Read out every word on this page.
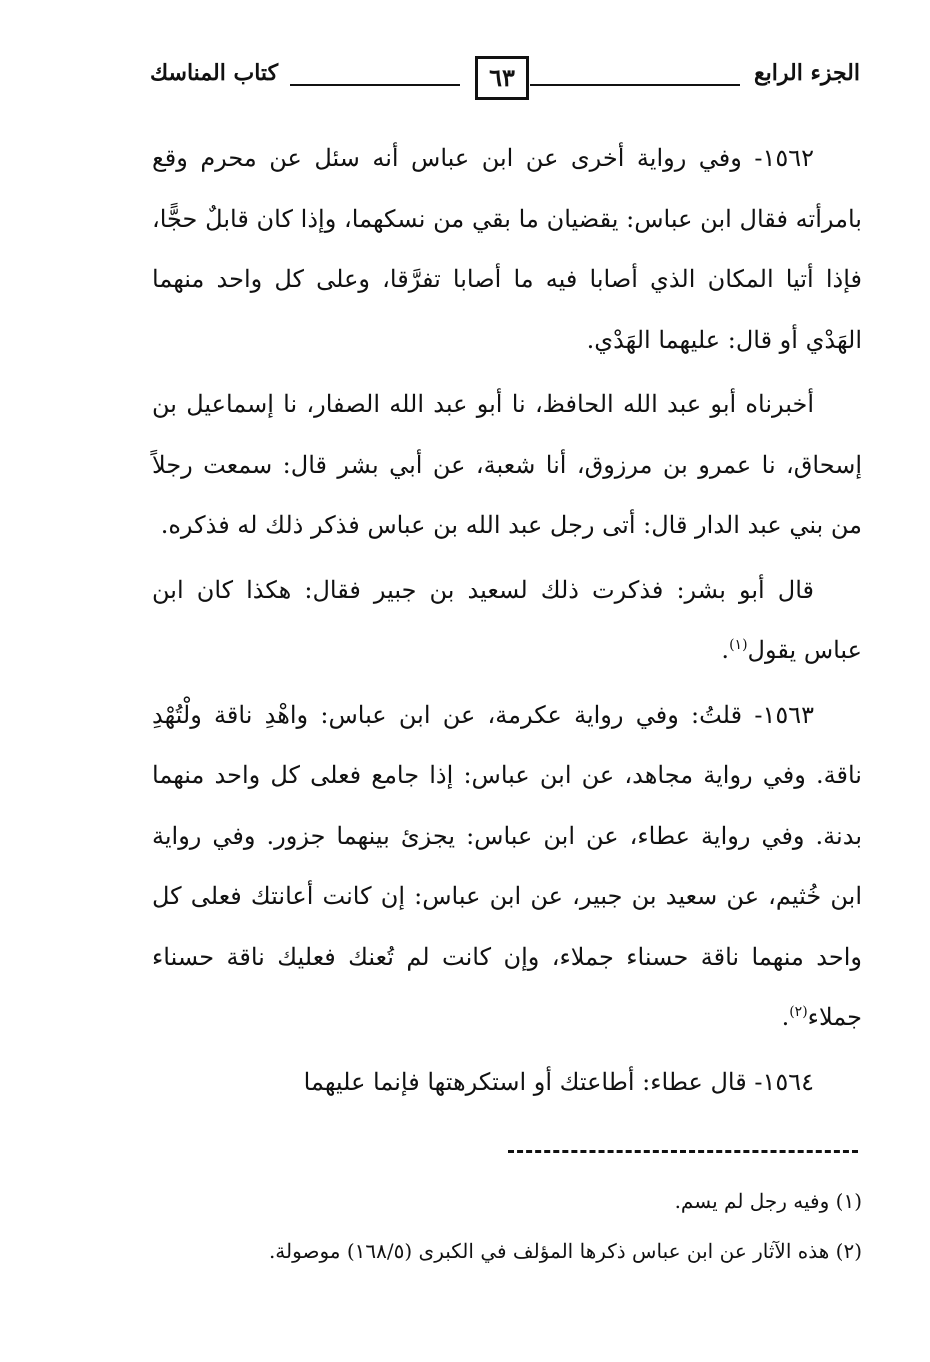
الجزء الرابع
٦٣
كتاب المناسك

١٥٦٢- وفي رواية أخرى عن ابن عباس أنه سئل عن محرم وقع بامرأته فقال ابن عباس: يقضيان ما بقي من نسكهما، وإذا كان قابلٌ حجًّا، فإذا أتيا المكان الذي أصابا فيه ما أصابا تفرَّقا، وعلى كل واحد منهما الهَدْي أو قال: عليهما الهَدْي.

أخبرناه أبو عبد الله الحافظ، نا أبو عبد الله الصفار، نا إسماعيل بن إسحاق، نا عمرو بن مرزوق، أنا شعبة، عن أبي بشر قال: سمعت رجلاً من بني عبد الدار قال: أتى رجل عبد الله بن عباس فذكر ذلك له فذكره.

قال أبو بشر: فذكرت ذلك لسعيد بن جبير فقال: هكذا كان ابن عباس يقول$^{(١)}$.

١٥٦٣- قلتُ: وفي رواية عكرمة، عن ابن عباس: واهْدِ ناقة ولْتُهْدِ ناقة. وفي رواية مجاهد، عن ابن عباس: إذا جامع فعلى كل واحد منهما بدنة. وفي رواية عطاء، عن ابن عباس: يجزئ بينهما جزور. وفي رواية ابن خُثيم، عن سعيد بن جبير، عن ابن عباس: إن كانت أعانتك فعلى كل واحد منهما ناقة حسناء جملاء، وإن كانت لم تُعنك فعليك ناقة حسناء جملاء$^{(٢)}$.

١٥٦٤- قال عطاء: أطاعتك أو استكرهتها فإنما عليهما

(١) وفيه رجل لم يسم.
(٢) هذه الآثار عن ابن عباس ذكرها المؤلف في الكبرى (١٦٨/٥) موصولة.
